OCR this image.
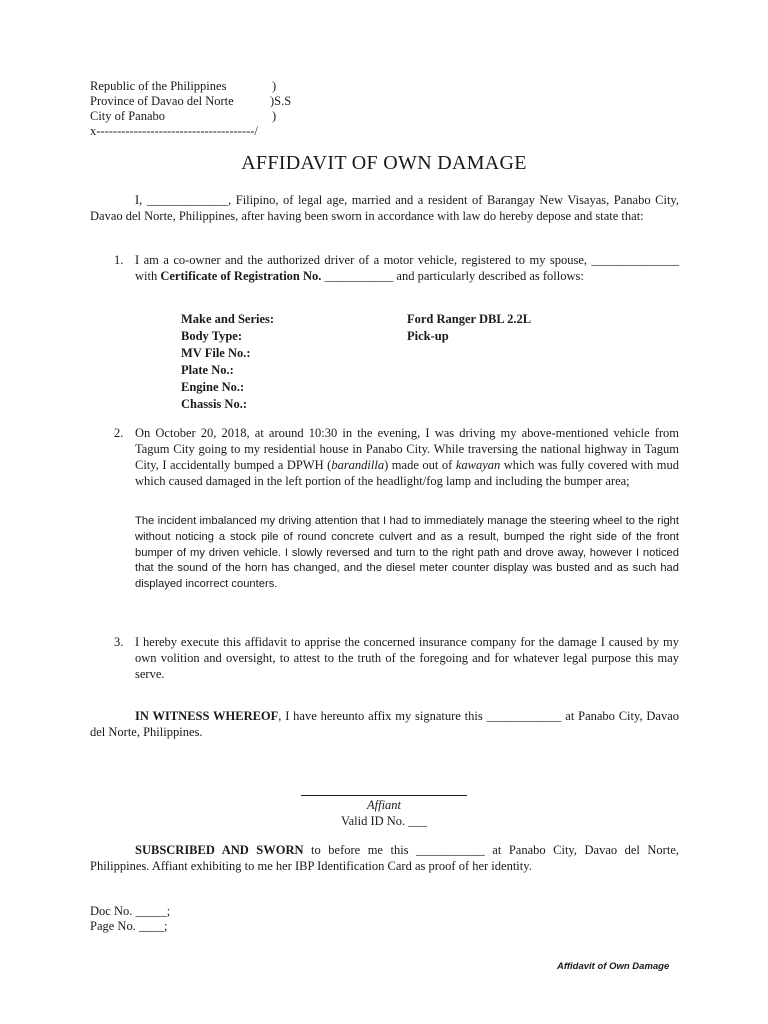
Republic of the Philippines	)
Province of Davao del Norte	)S.S
City of Panabo	)
x--------------------------------------/
AFFIDAVIT OF OWN DAMAGE
I, _____________, Filipino, of legal age, married and a resident of Barangay New Visayas, Panabo City, Davao del Norte, Philippines, after having been sworn in accordance with law do hereby depose and state that:
1. I am a co-owner and the authorized driver of a motor vehicle, registered to my spouse, ______________ with Certificate of Registration No. ___________ and particularly described as follows:
Make and Series:	Ford Ranger DBL 2.2L
Body Type:	Pick-up
MV File No.:
Plate No.:
Engine No.:
Chassis No.:
2. On October 20, 2018, at around 10:30 in the evening, I was driving my above-mentioned vehicle from Tagum City going to my residential house in Panabo City. While traversing the national highway in Tagum City, I accidentally bumped a DPWH (barandilla) made out of kawayan which was fully covered with mud which caused damaged in the left portion of the headlight/fog lamp and including the bumper area;
The incident imbalanced my driving attention that I had to immediately manage the steering wheel to the right without noticing a stock pile of round concrete culvert and as a result, bumped the right side of the front bumper of my driven vehicle. I slowly reversed and turn to the right path and drove away, however I noticed that the sound of the horn has changed, and the diesel meter counter display was busted and as such had displayed incorrect counters.
3. I hereby execute this affidavit to apprise the concerned insurance company for the damage I caused by my own volition and oversight, to attest to the truth of the foregoing and for whatever legal purpose this may serve.
IN WITNESS WHEREOF, I have hereunto affix my signature this ____________ at Panabo City, Davao del Norte, Philippines.
Affiant
Valid ID No. ___
SUBSCRIBED AND SWORN to before me this ___________ at Panabo City, Davao del Norte, Philippines. Affiant exhibiting to me her IBP Identification Card as proof of her identity.
Doc No. _____;
Page No. ____;
Affidavit of Own Damage
